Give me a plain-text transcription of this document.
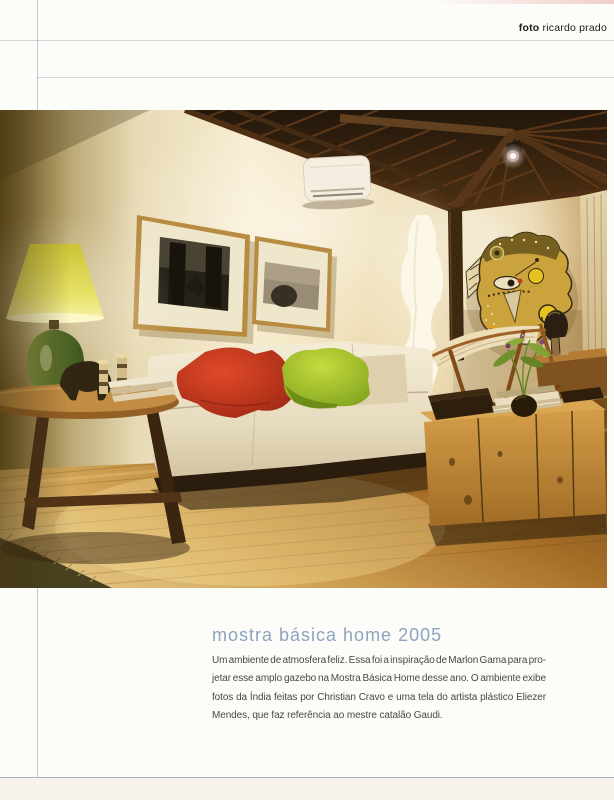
foto ricardo prado
mostra básica home 2005
Um ambiente de atmosfera feliz. Essa foi a inspiração de Marlon Gama para pro-
jetar esse amplo gazebo na Mostra Básica Home desse ano. O ambiente exibe
fotos da Índia feitas por Christian Cravo e uma tela do artista plástico Eliezer
Mendes, que faz referência ao mestre catalão Gaudi.
